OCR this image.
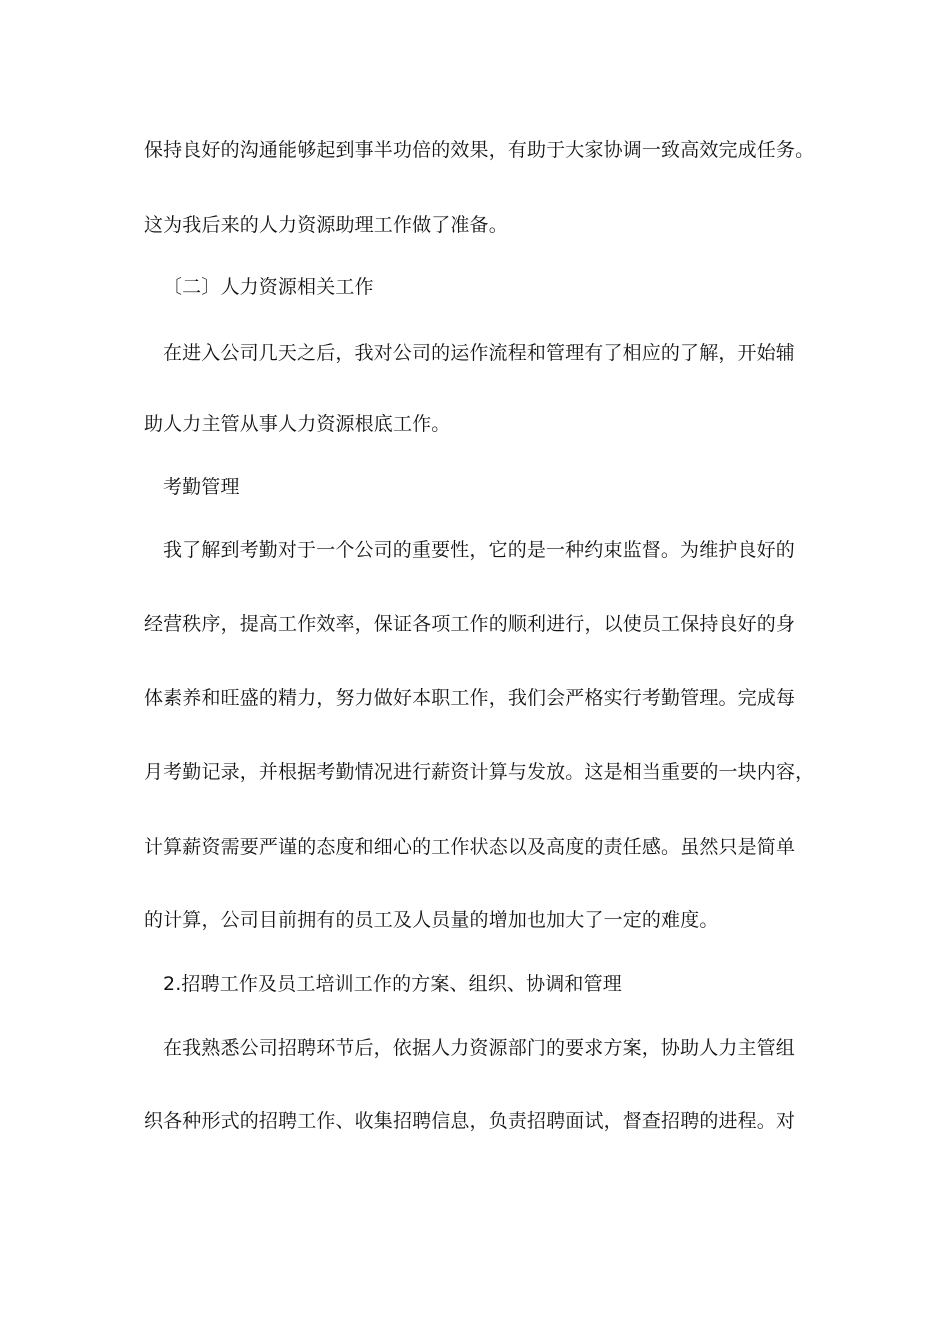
保持良好的沟通能够起到事半功倍的效果，有助于大家协调一致高效完成任务。
这为我后来的人力资源助理工作做了准备。
〔二〕人力资源相关工作
在进入公司几天之后，我对公司的运作流程和管理有了相应的了解，开始辅
助人力主管从事人力资源根底工作。
考勤管理
我了解到考勤对于一个公司的重要性，它的是一种约束监督。为维护良好的
经营秩序，提高工作效率，保证各项工作的顺利进行，以使员工保持良好的身
体素养和旺盛的精力，努力做好本职工作，我们会严格实行考勤管理。完成每
月考勤记录，并根据考勤情况进行薪资计算与发放。这是相当重要的一块内容，
计算薪资需要严谨的态度和细心的工作状态以及高度的责任感。虽然只是简单
的计算，公司目前拥有的员工及人员量的增加也加大了一定的难度。
2.招聘工作及员工培训工作的方案、组织、协调和管理
在我熟悉公司招聘环节后，依据人力资源部门的要求方案，协助人力主管组
织各种形式的招聘工作、收集招聘信息，负责招聘面试，督查招聘的进程。对
